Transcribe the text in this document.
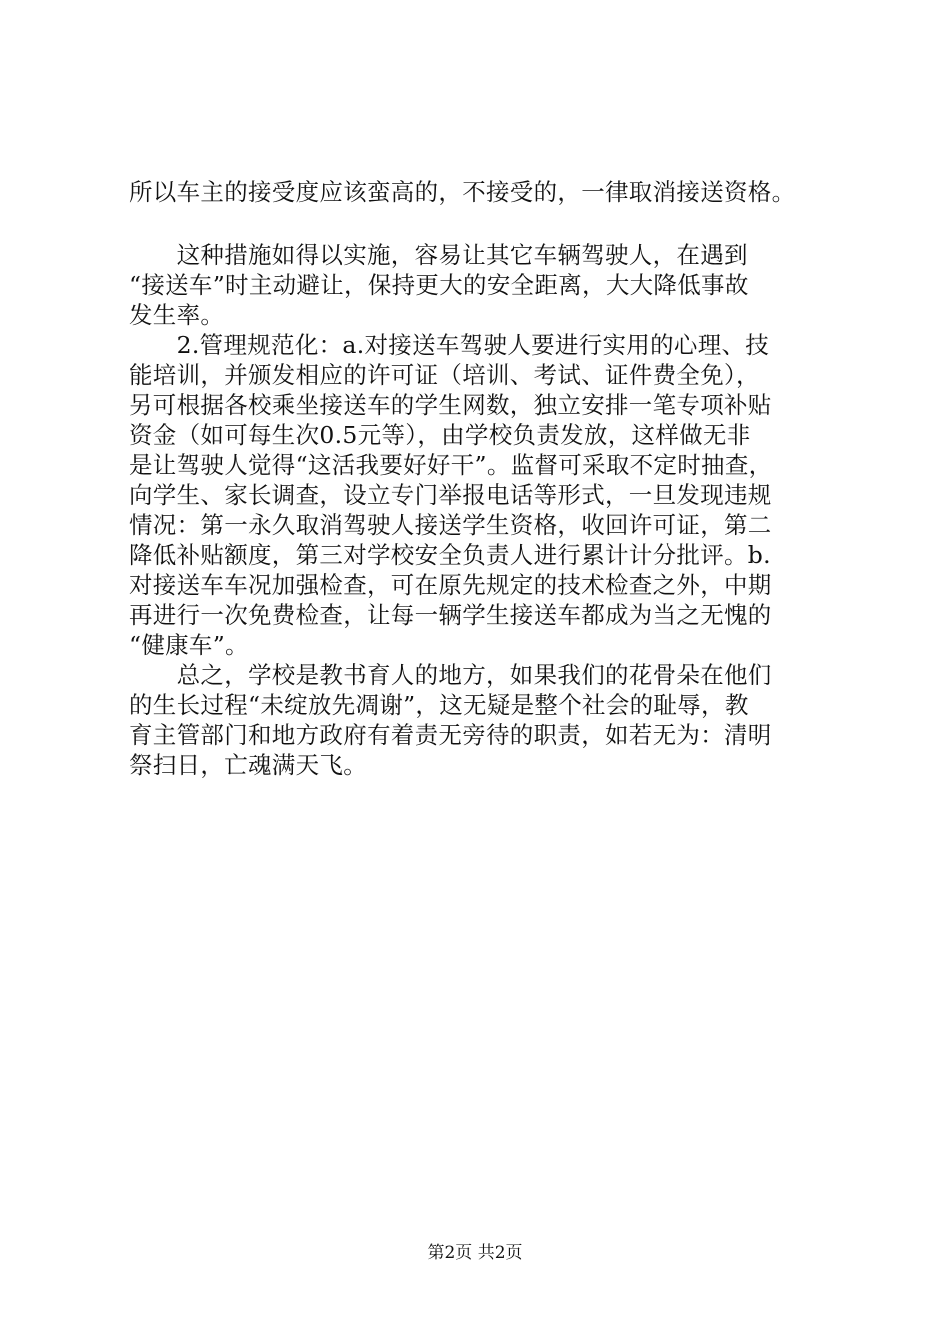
所以车主的接受度应该蛮高的，不接受的，一律取消接送资格。
　　这种措施如得以实施，容易让其它车辆驾驶人，在遇到
“接送车”时主动避让，保持更大的安全距离，大大降低事故
发生率。
　　2.管理规范化：a.对接送车驾驶人要进行实用的心理、技
能培训，并颁发相应的许可证（培训、考试、证件费全免），
另可根据各校乘坐接送车的学生网数，独立安排一笔专项补贴
资金（如可每生次0.5元等），由学校负责发放，这样做无非
是让驾驶人觉得“这活我要好好干”。监督可采取不定时抽查，
向学生、家长调查，设立专门举报电话等形式，一旦发现违规
情况：第一永久取消驾驶人接送学生资格，收回许可证，第二
降低补贴额度，第三对学校安全负责人进行累计计分批评。b.
对接送车车况加强检查，可在原先规定的技术检查之外，中期
再进行一次免费检查，让每一辆学生接送车都成为当之无愧的
“健康车”。
　　总之，学校是教书育人的地方，如果我们的花骨朵在他们
的生长过程“未绽放先凋谢”，这无疑是整个社会的耻辱，教
育主管部门和地方政府有着责无旁待的职责，如若无为：清明
祭扫日，亡魂满天飞。
第2页 共2页
